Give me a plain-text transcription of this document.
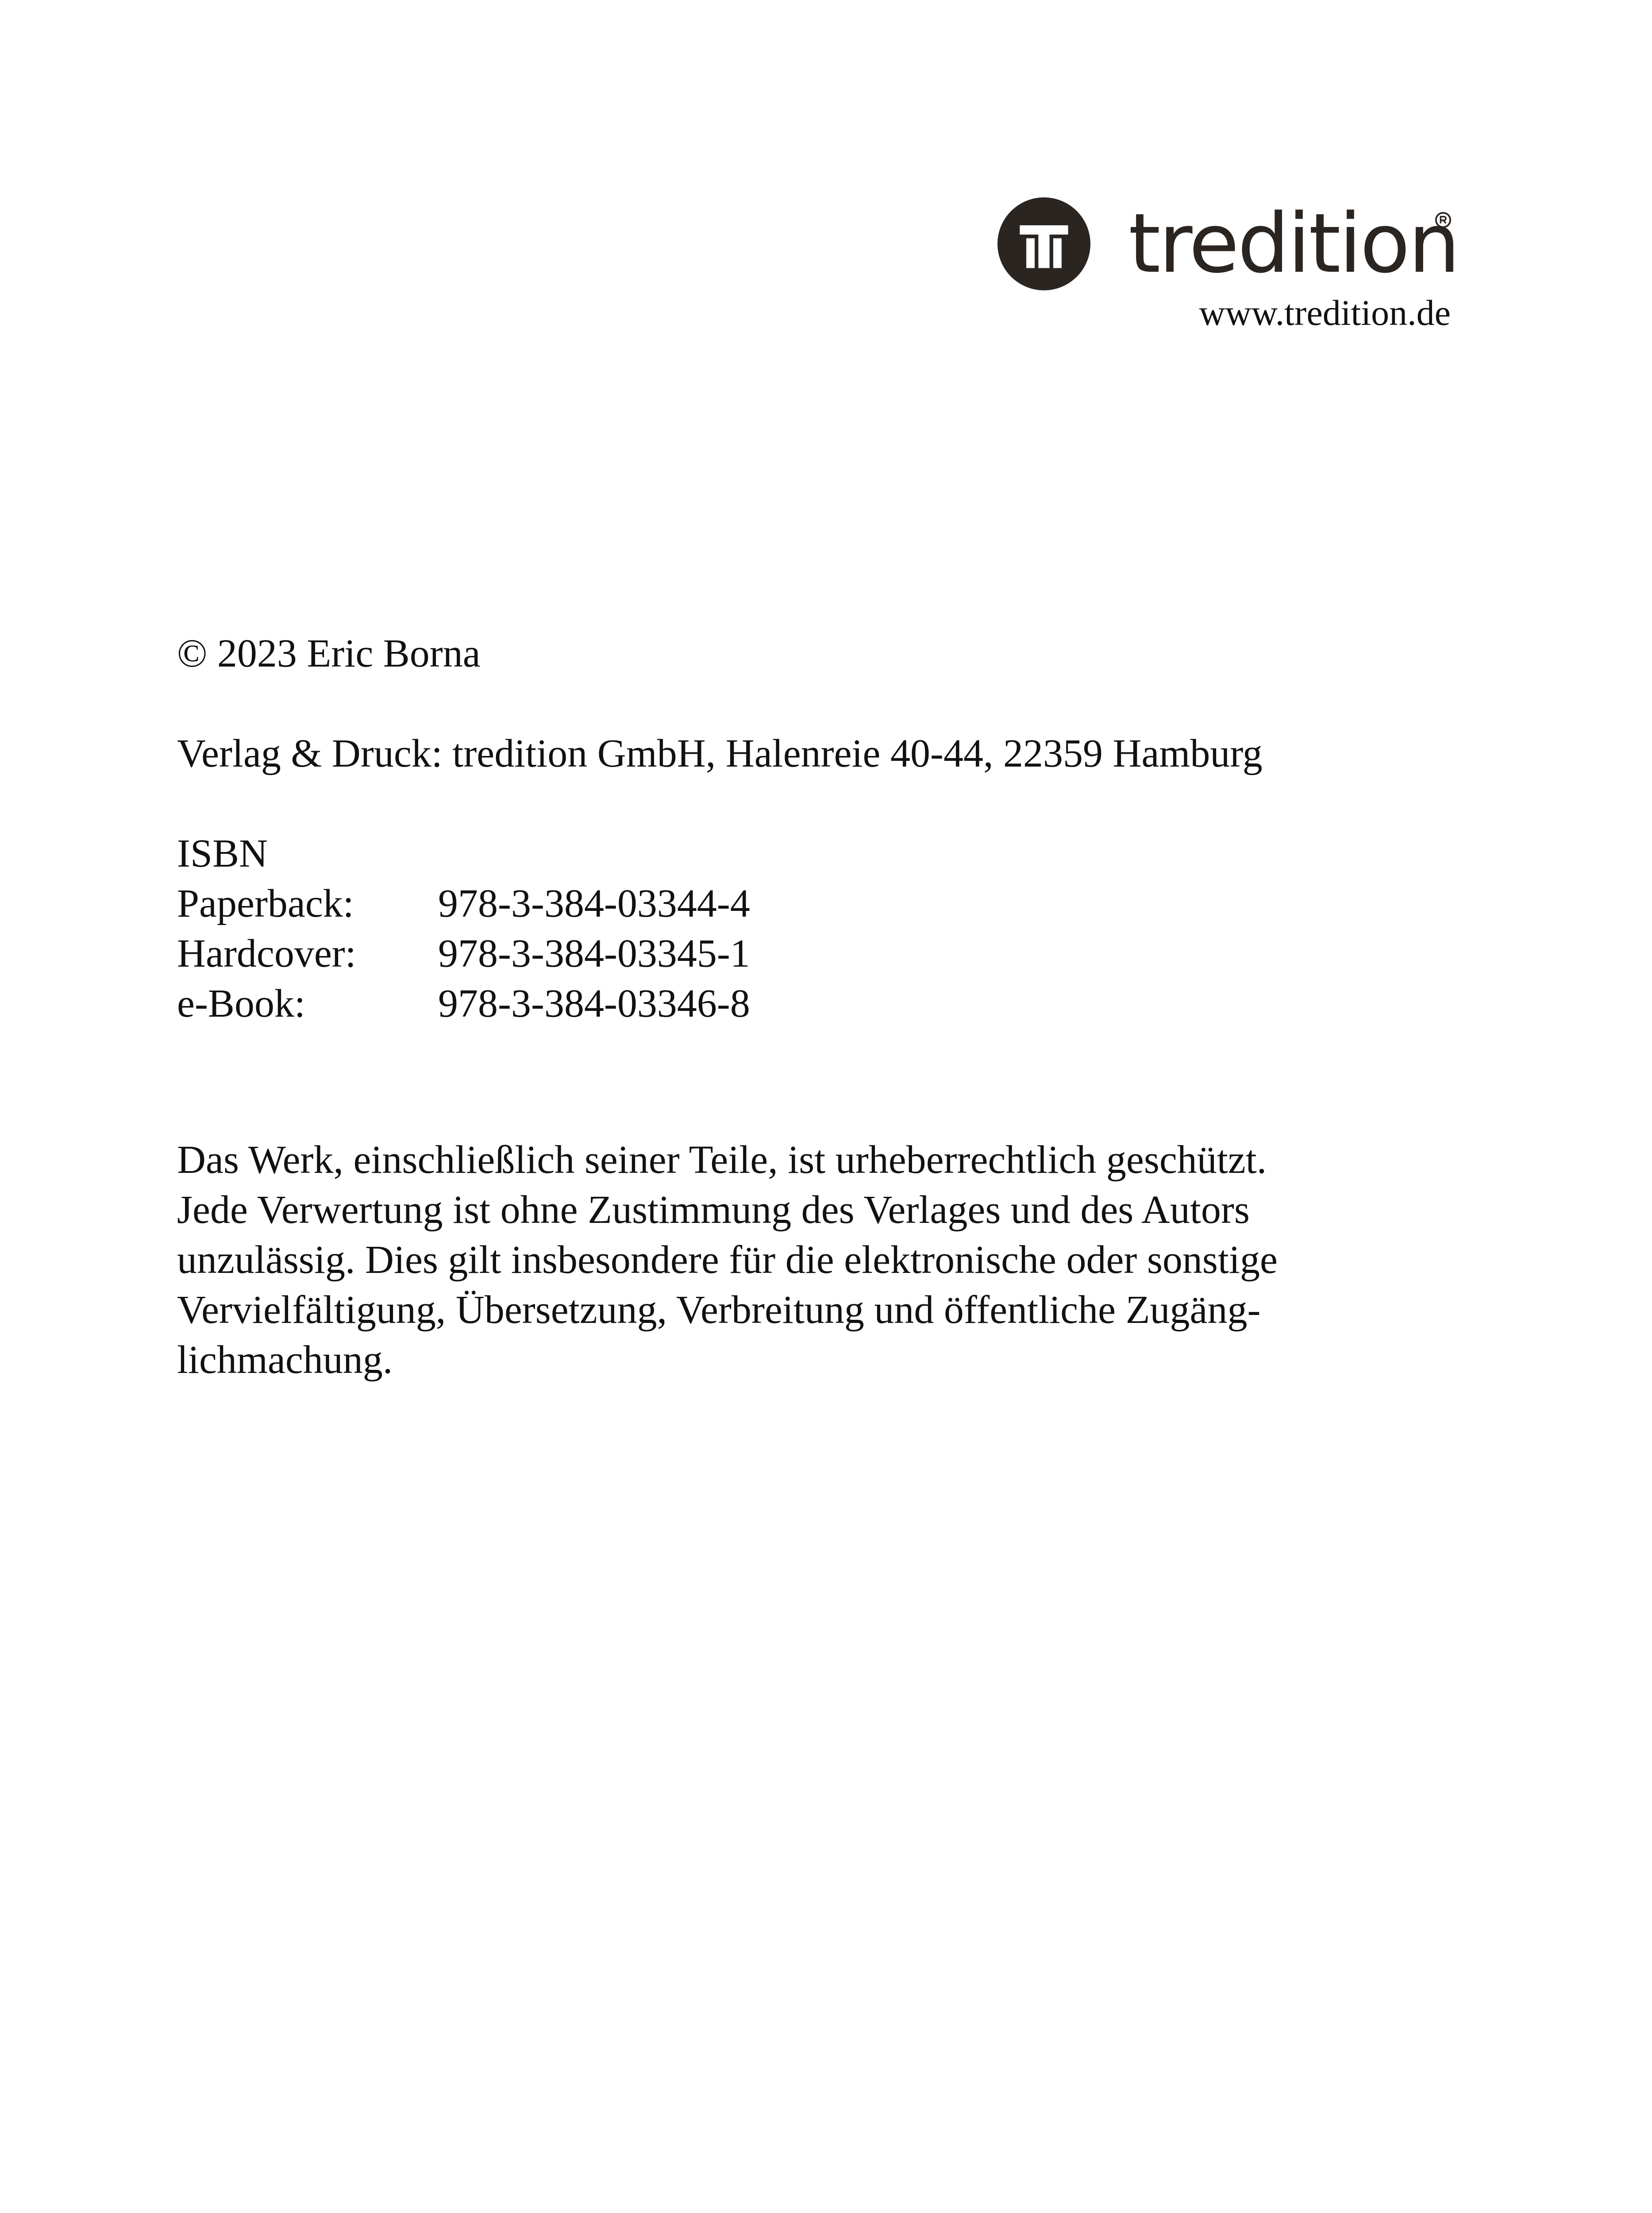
tredition
www.tredition.de
© 2023 Eric Borna
Verlag & Druck: tredition GmbH, Halenreie 40-44, 22359 Hamburg
ISBN
Paperback:	978-3-384-03344-4
Hardcover:	978-3-384-03345-1
e-Book:	978-3-384-03346-8
Das Werk, einschließlich seiner Teile, ist urheberrechtlich geschützt.
Jede Verwertung ist ohne Zustimmung des Verlages und des Autors
unzulässig. Dies gilt insbesondere für die elektronische oder sonstige
Vervielfältigung, Übersetzung, Verbreitung und öffentliche Zugäng-
lichmachung.
